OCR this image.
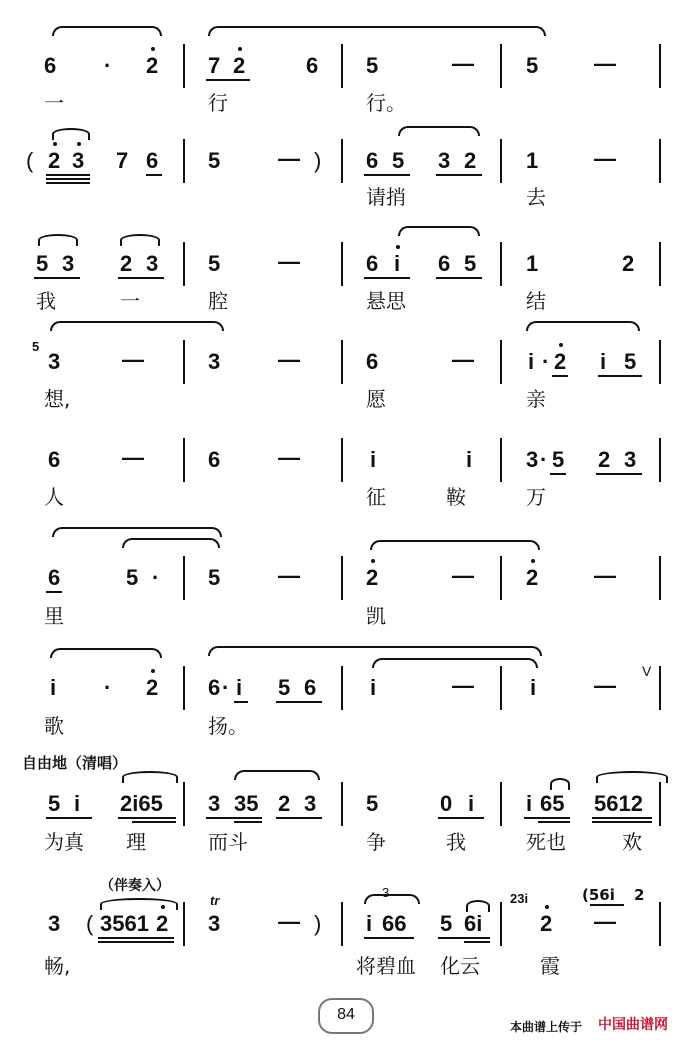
6 · 2 7 2	6 5	— 5	—
一	行	行。
( 2 3 7 6 5	— ) 6 5 3 2 1	—
请捎	去
5 3 2 3 5	—	6 i 6 5 1	2
我	一	腔	悬思	结
5
3	—	3	—	6	— i · 2 i 5
想,	愿	亲
6	—	6	—	i	i 3 · 5 2 3
人	征	鞍	万
6	5 · 5	—	2	— 2	—
里	凯
i · 2 6 · i 5 6 i	—	i	—
V
歌	扬。
自由地（清唱）
5 i 2i65 3 35 2 3 5	0 i i 65 5612
为真 理	而斗	争	我	死也	欢
（伴奏入）
3 ( 3561 2
tr
3	— )
3
i 66 5 6i
23i
2 —
(56i 2
畅,	将碧血 化云	霞
84
本曲谱上传于 中国曲谱网
